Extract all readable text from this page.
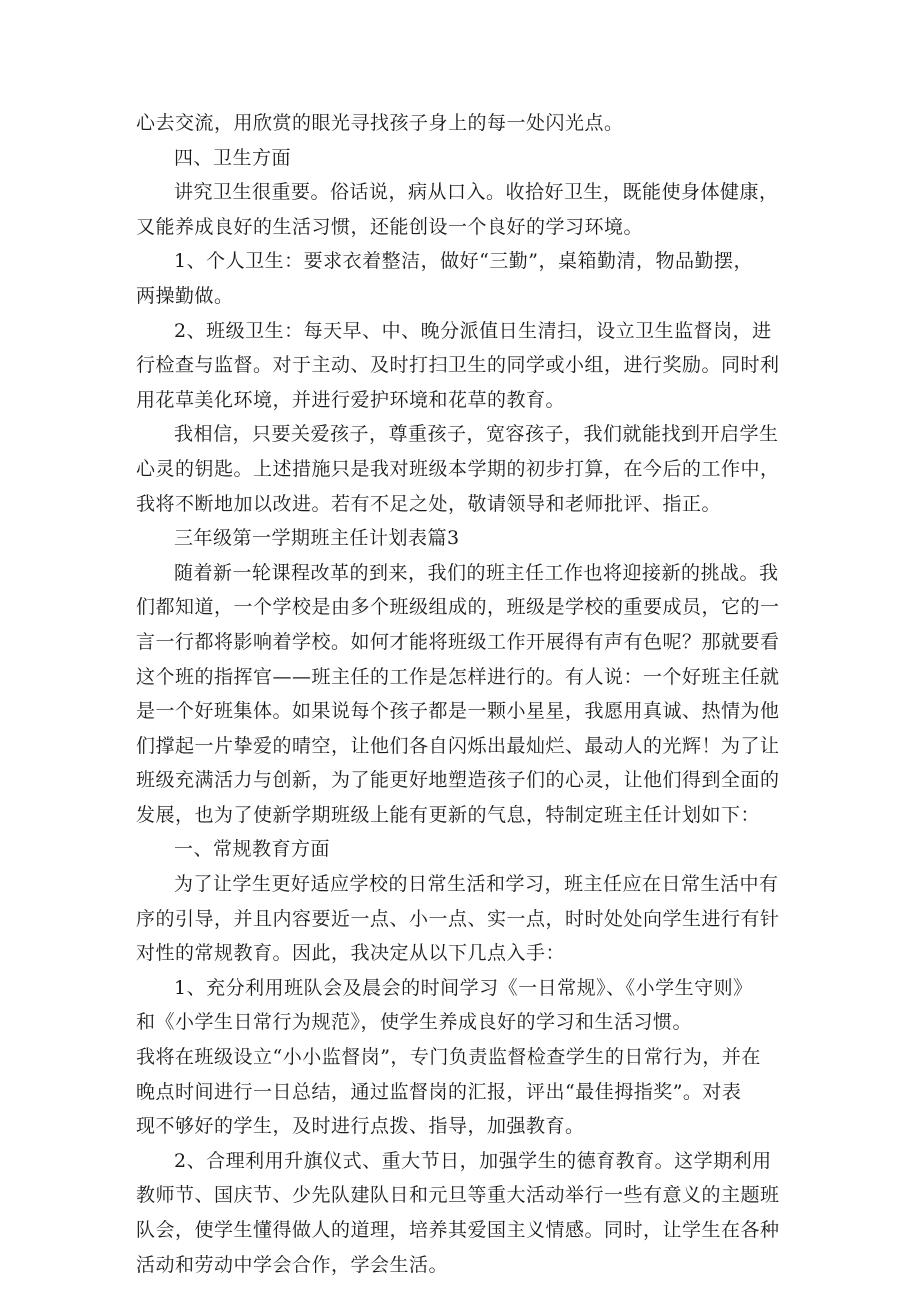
心去交流，用欣赏的眼光寻找孩子身上的每一处闪光点。
四、卫生方面
讲究卫生很重要。俗话说，病从口入。收拾好卫生，既能使身体健康，
又能养成良好的生活习惯，还能创设一个良好的学习环境。
1、个人卫生：要求衣着整洁，做好“三勤”，桌箱勤清，物品勤摆，
两操勤做。
2、班级卫生：每天早、中、晚分派值日生清扫，设立卫生监督岗，进
行检查与监督。对于主动、及时打扫卫生的同学或小组，进行奖励。同时利
用花草美化环境，并进行爱护环境和花草的教育。
我相信，只要关爱孩子，尊重孩子，宽容孩子，我们就能找到开启学生
心灵的钥匙。上述措施只是我对班级本学期的初步打算，在今后的工作中，
我将不断地加以改进。若有不足之处，敬请领导和老师批评、指正。
三年级第一学期班主任计划表篇3
随着新一轮课程改革的到来，我们的班主任工作也将迎接新的挑战。我
们都知道，一个学校是由多个班级组成的，班级是学校的重要成员，它的一
言一行都将影响着学校。如何才能将班级工作开展得有声有色呢？那就要看
这个班的指挥官——班主任的工作是怎样进行的。有人说：一个好班主任就
是一个好班集体。如果说每个孩子都是一颗小星星，我愿用真诚、热情为他
们撑起一片挚爱的晴空，让他们各自闪烁出最灿烂、最动人的光辉！为了让
班级充满活力与创新，为了能更好地塑造孩子们的心灵，让他们得到全面的
发展，也为了使新学期班级上能有更新的气息，特制定班主任计划如下：
一、常规教育方面
为了让学生更好适应学校的日常生活和学习，班主任应在日常生活中有
序的引导，并且内容要近一点、小一点、实一点，时时处处向学生进行有针
对性的常规教育。因此，我决定从以下几点入手：
1、充分利用班队会及晨会的时间学习《一日常规》、《小学生守则》
和《小学生日常行为规范》，使学生养成良好的学习和生活习惯。
我将在班级设立“小小监督岗”，专门负责监督检查学生的日常行为，并在
晚点时间进行一日总结，通过监督岗的汇报，评出“最佳拇指奖”。对表
现不够好的学生，及时进行点拨、指导，加强教育。
2、合理利用升旗仪式、重大节日，加强学生的德育教育。这学期利用
教师节、国庆节、少先队建队日和元旦等重大活动举行一些有意义的主题班
队会，使学生懂得做人的道理，培养其爱国主义情感。同时，让学生在各种
活动和劳动中学会合作，学会生活。
